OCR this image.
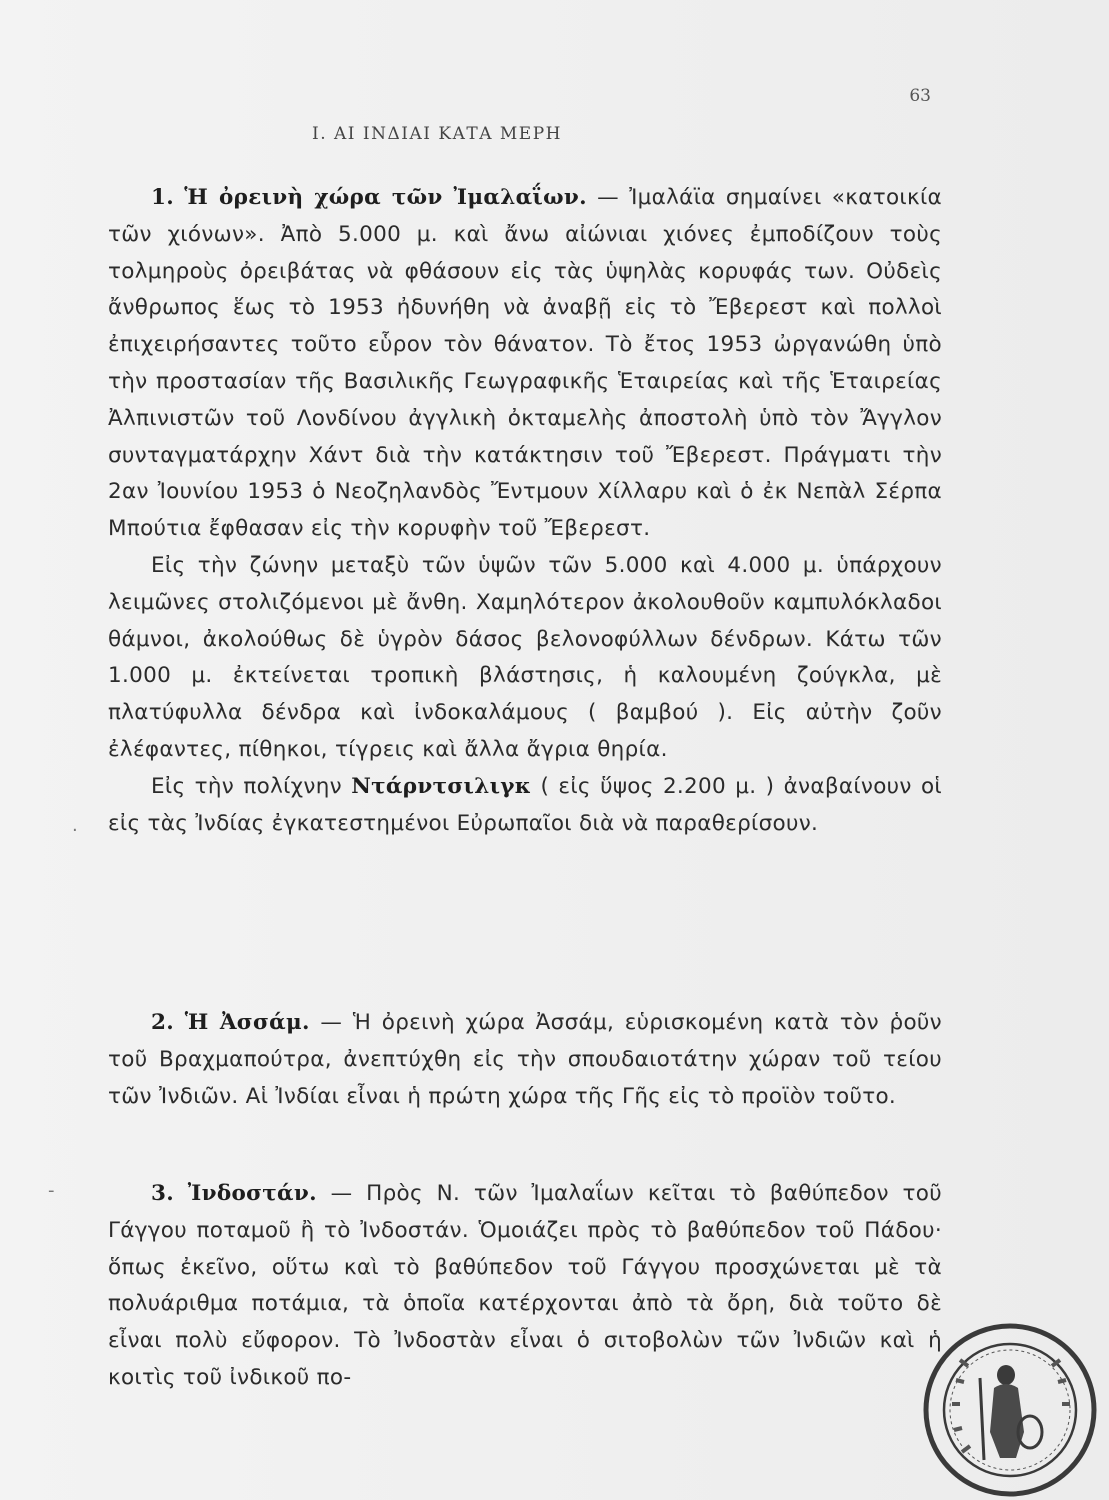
63
Ι. ΑΙ ΙΝΔΙΑΙ ΚΑΤΑ ΜΕΡΗ

1. Ἡ ὀρεινὴ χώρα τῶν Ἰμαλαΐων. — Ἰμαλάϊα σημαίνει «κατοικία τῶν χιόνων». Ἀπὸ 5.000 μ. καὶ ἄνω αἰώνιαι χιόνες ἐμποδίζουν τοὺς τολμηροὺς ὀρειβάτας νὰ φθάσουν εἰς τὰς ὑψηλὰς κορυφάς των. Οὐδεὶς ἄνθρωπος ἕως τὸ 1953 ἠδυνήθη νὰ ἀναβῇ εἰς τὸ Ἔβερεστ καὶ πολλοὶ ἐπιχειρήσαντες τοῦτο εὗρον τὸν θάνατον. Τὸ ἔτος 1953 ὠργανώθη ὑπὸ τὴν προστασίαν τῆς Βασιλικῆς Γεωγραφικῆς Ἑταιρείας καὶ τῆς Ἑταιρείας Ἀλπινιστῶν τοῦ Λονδίνου ἀγγλικὴ ὀκταμελὴς ἀποστολὴ ὑπὸ τὸν Ἄγγλον συνταγματάρχην Χάντ διὰ τὴν κατάκτησιν τοῦ Ἔβερεστ. Πράγματι τὴν 2αν Ἰουνίου 1953 ὁ Νεοζηλανδὸς Ἔντμουν Χίλλαρυ καὶ ὁ ἐκ Νεπὰλ Σέρπα Μπούτια ἔφθασαν εἰς τὴν κορυφὴν τοῦ Ἔβερεστ.

Εἰς τὴν ζώνην μεταξὺ τῶν ὑψῶν τῶν 5.000 καὶ 4.000 μ. ὑπάρχουν λειμῶνες στολιζόμενοι μὲ ἄνθη. Χαμηλότερον ἀκολουθοῦν καμπυλόκλαδοι θάμνοι, ἀκολούθως δὲ ὑγρὸν δάσος βελονοφύλλων δένδρων. Κάτω τῶν 1.000 μ. ἐκτείνεται τροπικὴ βλάστησις, ἡ καλουμένη ζούγκλα, μὲ πλατύφυλλα δένδρα καὶ ἰνδοκαλάμους ( βαμβού ). Εἰς αὐτὴν ζοῦν ἐλέφαντες, πίθηκοι, τίγρεις καὶ ἄλλα ἄγρια θηρία.

Εἰς τὴν πολίχνην Ντάρντσιλιγκ ( εἰς ὕψος 2.200 μ. ) ἀναβαίνουν οἱ εἰς τὰς Ἰνδίας ἐγκατεστημένοι Εὐρωπαῖοι διὰ νὰ παραθερίσουν.

2. Ἡ Ἀσσάμ. — Ἡ ὀρεινὴ χώρα Ἀσσάμ, εὑρισκομένη κατὰ τὸν ῥοῦν τοῦ Βραχμαπούτρα, ἀνεπτύχθη εἰς τὴν σπουδαιοτάτην χώραν τοῦ τείου τῶν Ἰνδιῶν. Αἱ Ἰνδίαι εἶναι ἡ πρώτη χώρα τῆς Γῆς εἰς τὸ προϊὸν τοῦτο.

3. Ἰνδοστάν. — Πρὸς Ν. τῶν Ἰμαλαΐων κεῖται τὸ βαθύπεδον τοῦ Γάγγου ποταμοῦ ἢ τὸ Ἰνδοστάν. Ὁμοιάζει πρὸς τὸ βαθύπεδον τοῦ Πάδου· ὅπως ἐκεῖνο, οὕτω καὶ τὸ βαθύπεδον τοῦ Γάγγου προσχώνεται μὲ τὰ πολυάριθμα ποτάμια, τὰ ὁποῖα κατέρχονται ἀπὸ τὰ ὄρη, διὰ τοῦτο δὲ εἶναι πολὺ εὔφορον. Τὸ Ἰνδοστὰν εἶναι ὁ σιτοβολὼν τῶν Ἰνδιῶν καὶ ἡ κοιτὶς τοῦ ἰνδικοῦ πο-

·
-
